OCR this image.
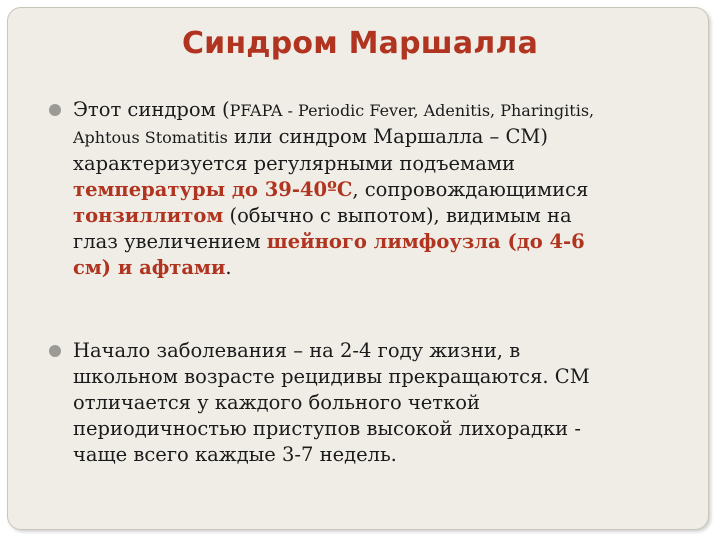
Синдром Маршалла
Этот синдром (PFAPA - Periodic Fever, Adenitis, Pharingitis,
Aphtous Stomatitis или синдром Маршалла – СМ)
характеризуется регулярными подъемами
температуры до 39-40ºС, сопровождающимися
тонзиллитом (обычно с выпотом), видимым на
глаз увеличением шейного лимфоузла (до 4-6
см) и афтами.
Начало заболевания – на 2-4 году жизни, в
школьном возрасте рецидивы прекращаются. СМ
отличается у каждого больного четкой
периодичностью приступов высокой лихорадки -
чаще всего каждые 3-7 недель.
